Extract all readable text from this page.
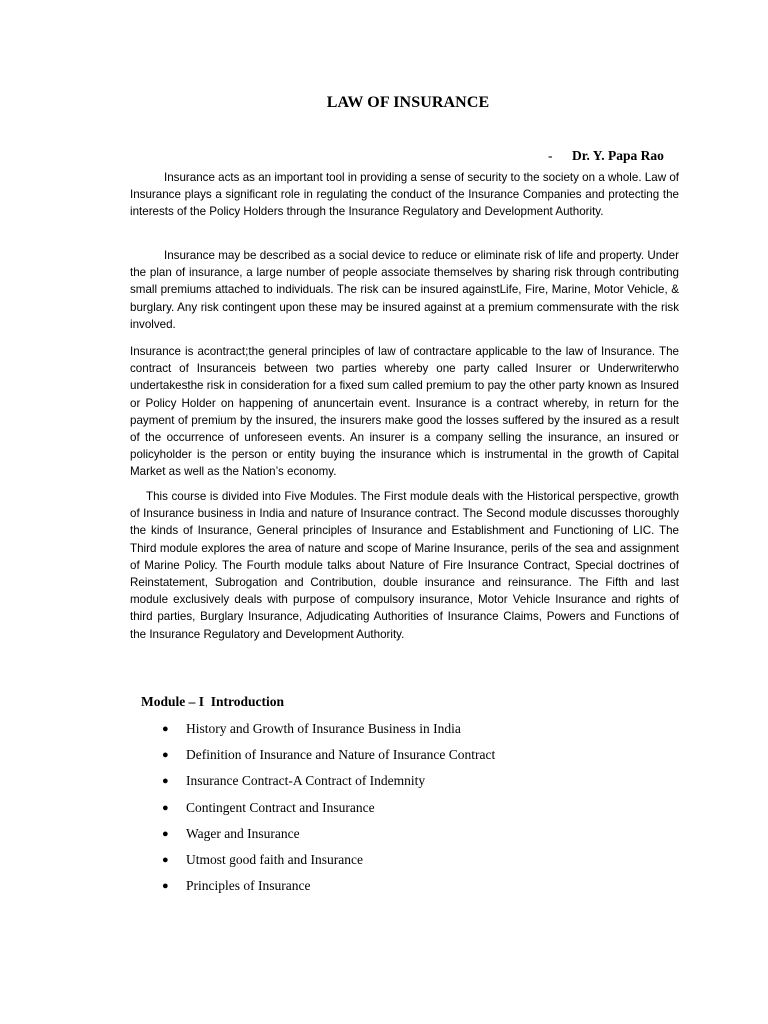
LAW OF INSURANCE
- Dr. Y. Papa Rao

Insurance acts as an important tool in providing a sense of security to the society on a whole. Law of Insurance plays a significant role in regulating the conduct of the Insurance Companies and protecting the interests of the Policy Holders through the Insurance Regulatory and Development Authority.

Insurance may be described as a social device to reduce or eliminate risk of life and property. Under the plan of insurance, a large number of people associate themselves by sharing risk through contributing small premiums attached to individuals. The risk can be insured againstLife, Fire, Marine, Motor Vehicle, & burglary. Any risk contingent upon these may be insured against at a premium commensurate with the risk involved.

Insurance is acontract;the general principles of law of contractare applicable to the law of Insurance. The contract of Insuranceis between two parties whereby one party called Insurer or Underwriterwho undertakesthe risk in consideration for a fixed sum called premium to pay the other party known as Insured or Policy Holder on happening of anuncertain event. Insurance is a contract whereby, in return for the payment of premium by the insured, the insurers make good the losses suffered by the insured as a result of the occurrence of unforeseen events. An insurer is a company selling the insurance, an insured or policyholder is the person or entity buying the insurance which is instrumental in the growth of Capital Market as well as the Nation’s economy.

This course is divided into Five Modules. The First module deals with the Historical perspective, growth of Insurance business in India and nature of Insurance contract. The Second module discusses thoroughly the kinds of Insurance, General principles of Insurance and Establishment and Functioning of LIC. The Third module explores the area of nature and scope of Marine Insurance, perils of the sea and assignment of Marine Policy. The Fourth module talks about Nature of Fire Insurance Contract, Special doctrines of Reinstatement, Subrogation and Contribution, double insurance and reinsurance. The Fifth and last module exclusively deals with purpose of compulsory insurance, Motor Vehicle Insurance and rights of third parties, Burglary Insurance, Adjudicating Authorities of Insurance Claims, Powers and Functions of the Insurance Regulatory and Development Authority.

Module – I  Introduction
● History and Growth of Insurance Business in India
● Definition of Insurance and Nature of Insurance Contract
● Insurance Contract-A Contract of Indemnity
● Contingent Contract and Insurance
● Wager and Insurance
● Utmost good faith and Insurance
● Principles of Insurance
